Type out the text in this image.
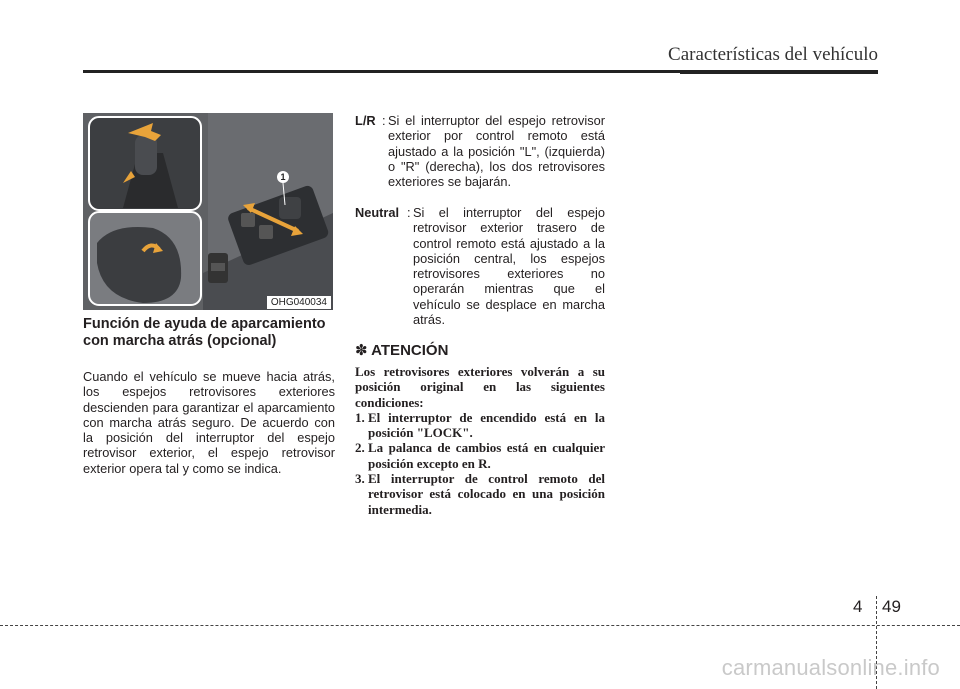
Características del vehículo
1
OHG040034
Función de ayuda de aparcamiento con marcha atrás (opcional)
Cuando el vehículo se mueve hacia atrás, los espejos retrovisores exteriores descienden para garantizar el aparcamiento con marcha atrás seguro. De acuerdo con la posición del interruptor del espejo retrovisor exterior, el espejo retrovisor exterior opera tal y como se indica.
L/R : Si el interruptor del espejo retrovisor exterior por control remoto está ajustado a la posición "L", (izquierda) o "R" (derecha), los dos retrovisores exteriores se bajarán.
Neutral : Si el interruptor del espejo retrovisor exterior trasero de control remoto está ajustado a la posición central, los espejos retrovisores exteriores no operarán mientras que el vehículo se desplace en marcha atrás.
✽ ATENCIÓN
Los retrovisores exteriores volverán a su posición original en las siguientes condiciones:
1. El interruptor de encendido está en la posición "LOCK".
2. La palanca de cambios está en cualquier posición excepto en R.
3. El interruptor de control remoto del retrovisor está colocado en una posición intermedia.
4 49
carmanualsonline.info
